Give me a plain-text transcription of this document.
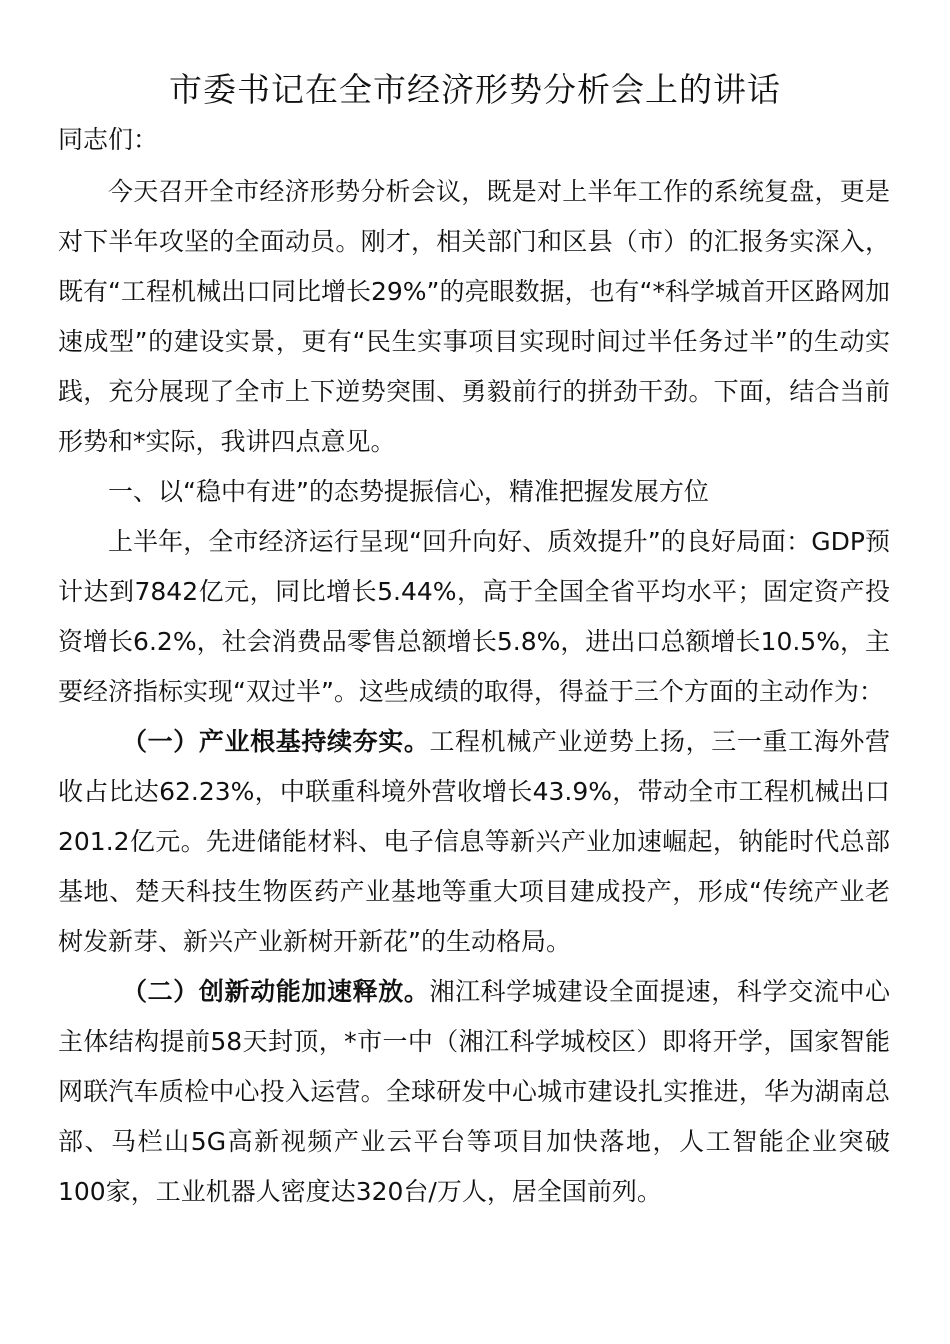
市委书记在全市经济形势分析会上的讲话

同志们：

今天召开全市经济形势分析会议，既是对上半年工作的系统复盘，更是对下半年攻坚的全面动员。刚才，相关部门和区县（市）的汇报务实深入，既有“工程机械出口同比增长29%”的亮眼数据，也有“*科学城首开区路网加速成型”的建设实景，更有“民生实事项目实现时间过半任务过半”的生动实践，充分展现了全市上下逆势突围、勇毅前行的拼劲干劲。下面，结合当前形势和*实际，我讲四点意见。

一、以“稳中有进”的态势提振信心，精准把握发展方位

上半年，全市经济运行呈现“回升向好、质效提升”的良好局面：GDP预计达到7842亿元，同比增长5.44%，高于全国全省平均水平；固定资产投资增长6.2%，社会消费品零售总额增长5.8%，进出口总额增长10.5%，主要经济指标实现“双过半”。这些成绩的取得，得益于三个方面的主动作为：

（一）产业根基持续夯实。工程机械产业逆势上扬，三一重工海外营收占比达62.23%，中联重科境外营收增长43.9%，带动全市工程机械出口201.2亿元。先进储能材料、电子信息等新兴产业加速崛起，钠能时代总部基地、楚天科技生物医药产业基地等重大项目建成投产，形成“传统产业老树发新芽、新兴产业新树开新花”的生动格局。

（二）创新动能加速释放。湘江科学城建设全面提速，科学交流中心主体结构提前58天封顶，*市一中（湘江科学城校区）即将开学，国家智能网联汽车质检中心投入运营。全球研发中心城市建设扎实推进，华为湖南总部、马栏山5G高新视频产业云平台等项目加快落地，人工智能企业突破100家，工业机器人密度达320台/万人，居全国前列。
